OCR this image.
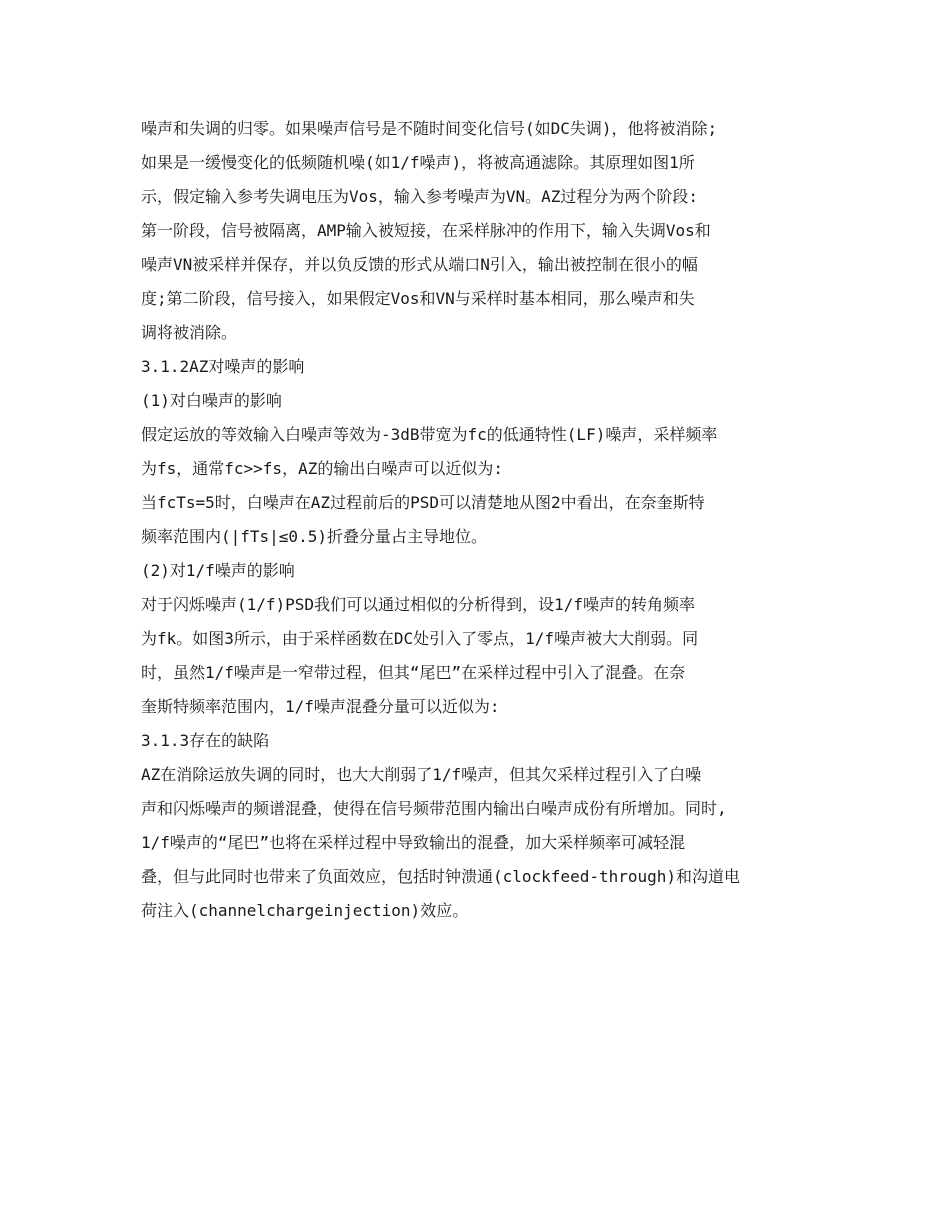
噪声和失调的归零。如果噪声信号是不随时间变化信号(如DC失调)，他将被消除;
如果是一缓慢变化的低频随机噪(如1/f噪声)，将被高通滤除。其原理如图1所
示，假定输入参考失调电压为Vos，输入参考噪声为VN。AZ过程分为两个阶段:
第一阶段，信号被隔离，AMP输入被短接，在采样脉冲的作用下，输入失调Vos和
噪声VN被采样并保存，并以负反馈的形式从端口N引入，输出被控制在很小的幅
度;第二阶段，信号接入，如果假定Vos和VN与采样时基本相同，那么噪声和失
调将被消除。
3.1.2AZ对噪声的影响
(1)对白噪声的影响
假定运放的等效输入白噪声等效为-3dB带宽为fc的低通特性(LF)噪声，采样频率
为fs，通常fc>>fs，AZ的输出白噪声可以近似为:
当fcTs=5时，白噪声在AZ过程前后的PSD可以清楚地从图2中看出，在奈奎斯特
频率范围内(|fTs|≤0.5)折叠分量占主导地位。
(2)对1/f噪声的影响
对于闪烁噪声(1/f)PSD我们可以通过相似的分析得到，设1/f噪声的转角频率
为fk。如图3所示，由于采样函数在DC处引入了零点，1/f噪声被大大削弱。同
时，虽然1/f噪声是一窄带过程，但其“尾巴”在采样过程中引入了混叠。在奈
奎斯特频率范围内，1/f噪声混叠分量可以近似为:
3.1.3存在的缺陷
AZ在消除运放失调的同时，也大大削弱了1/f噪声，但其欠采样过程引入了白噪
声和闪烁噪声的频谱混叠，使得在信号频带范围内输出白噪声成份有所增加。同时,
1/f噪声的“尾巴”也将在采样过程中导致输出的混叠，加大采样频率可减轻混
叠，但与此同时也带来了负面效应，包括时钟溃通(clockfeed-through)和沟道电
荷注入(channelchargeinjection)效应。
